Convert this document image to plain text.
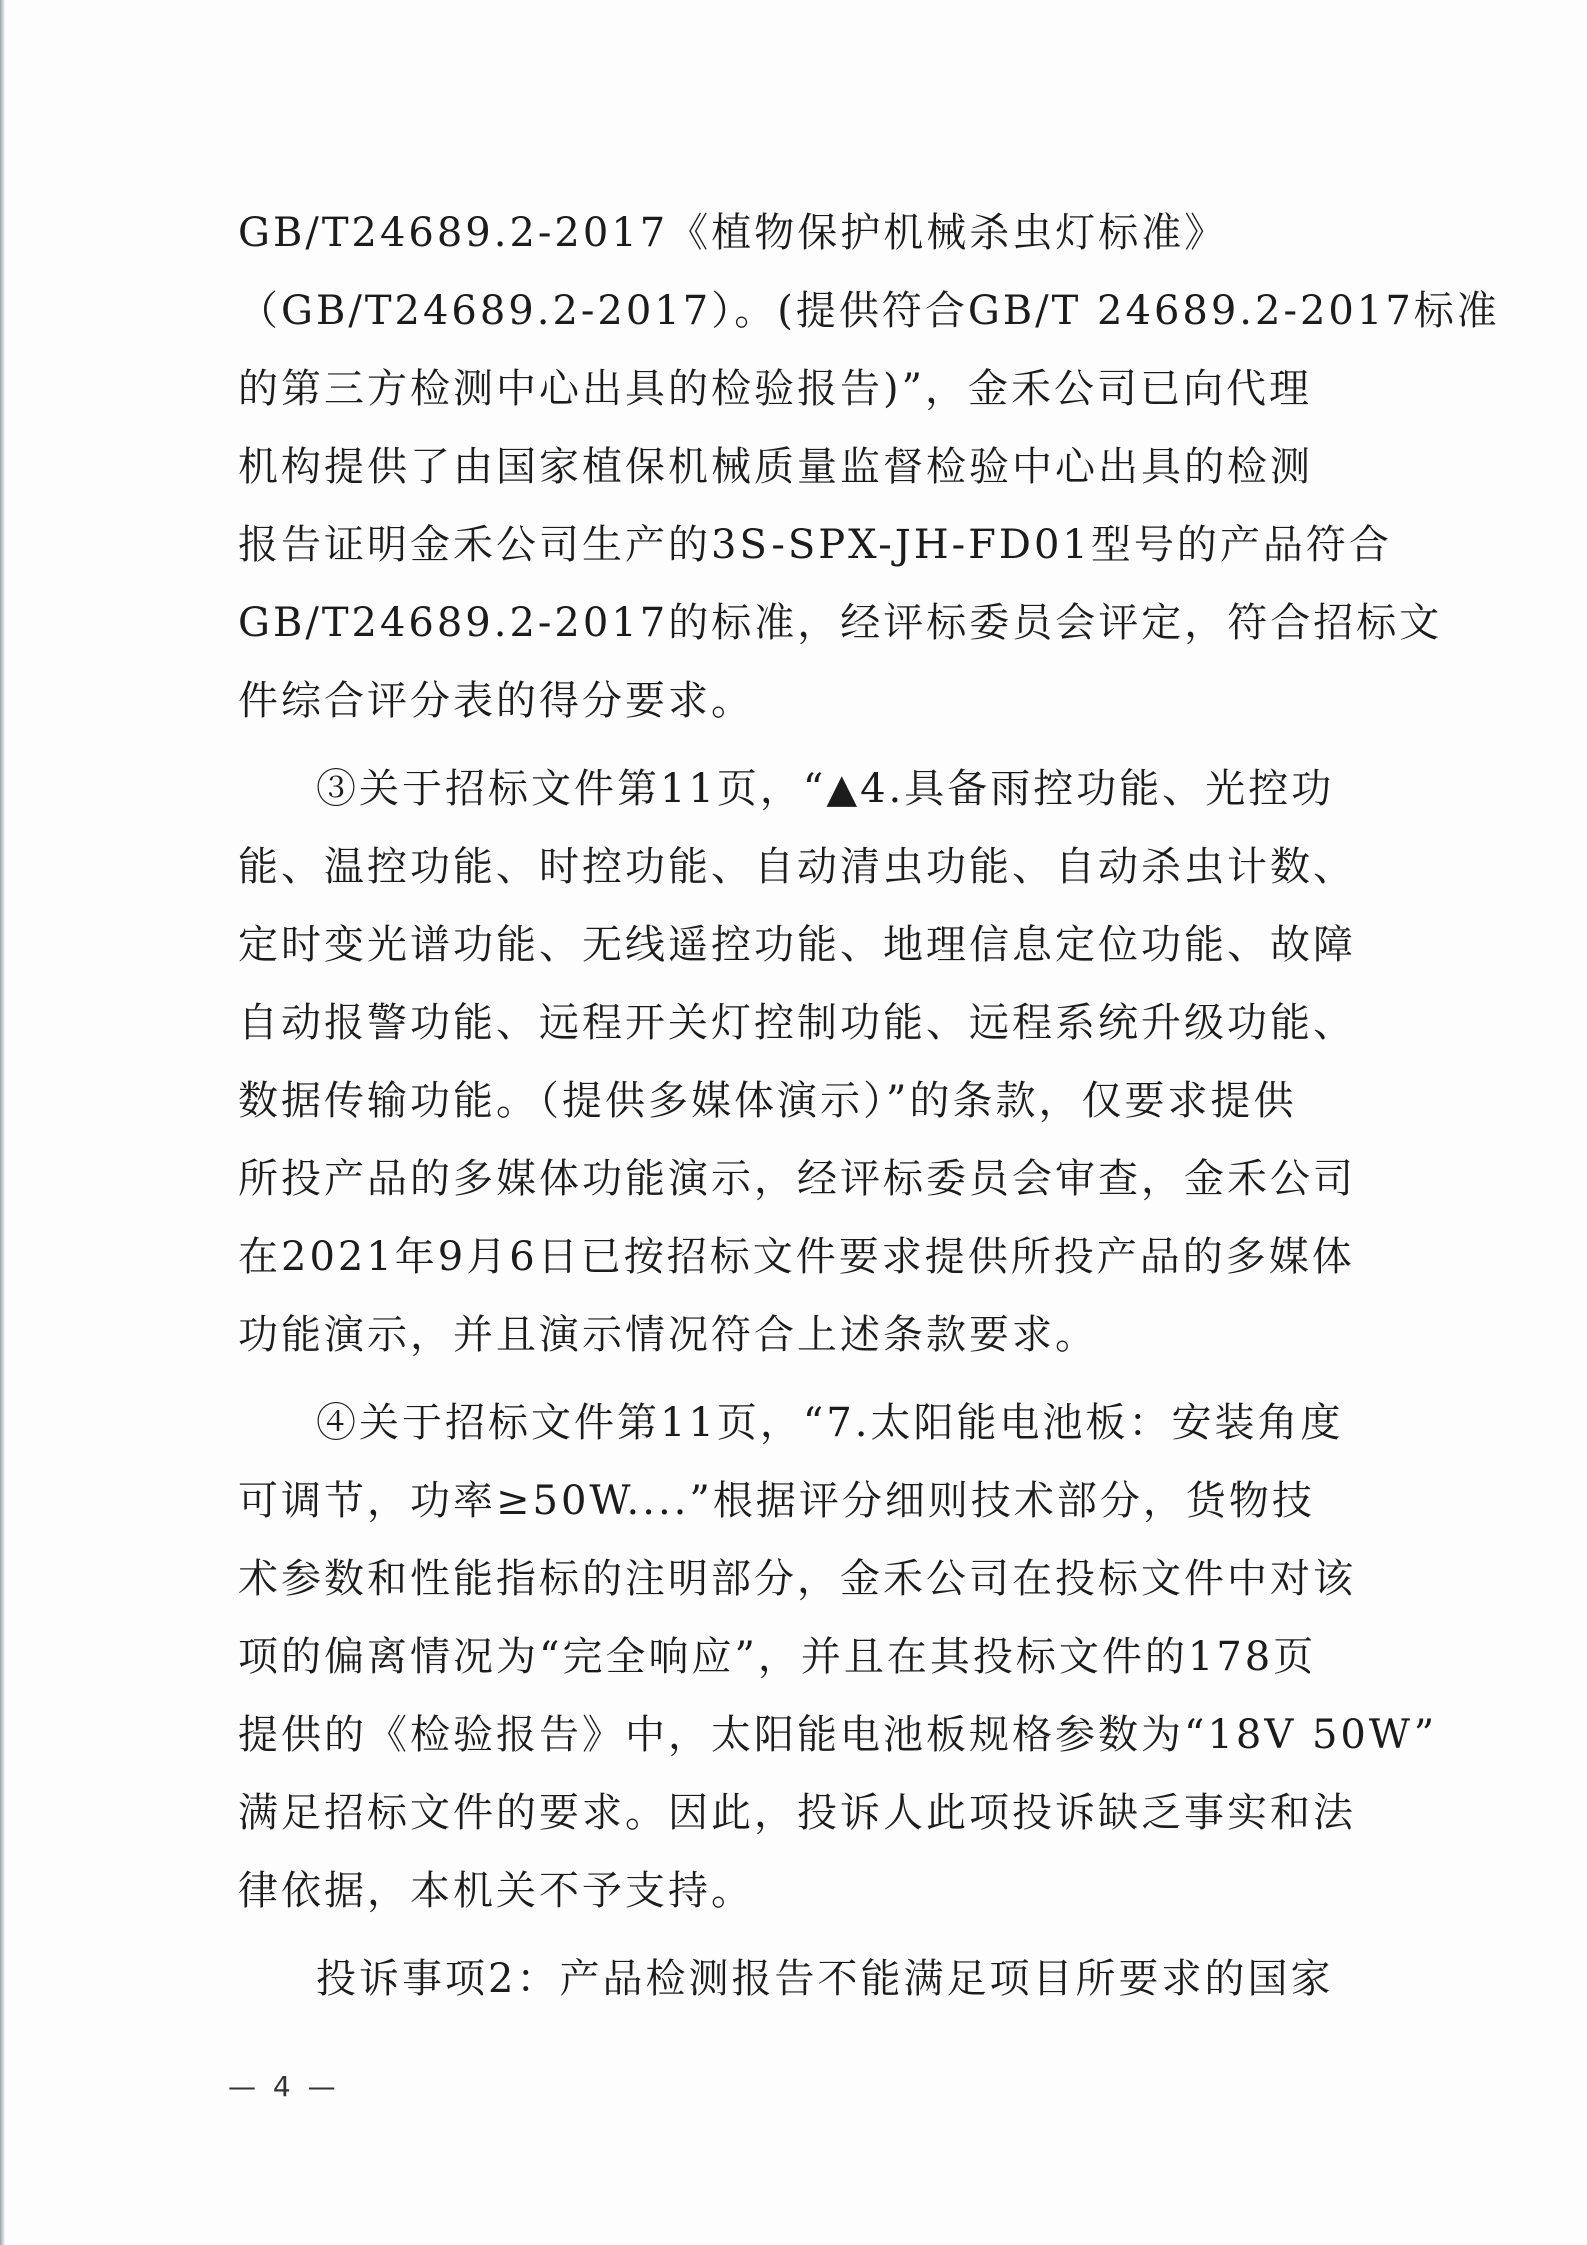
GB/T24689.2-2017《植物保护机械杀虫灯标准》
（GB/T24689.2-2017）。(提供符合GB/T 24689.2-2017标准
的第三方检测中心出具的检验报告)”，金禾公司已向代理
机构提供了由国家植保机械质量监督检验中心出具的检测
报告证明金禾公司生产的3S-SPX-JH-FD01型号的产品符合
GB/T24689.2-2017的标准，经评标委员会评定，符合招标文
件综合评分表的得分要求。
③关于招标文件第11页，“▲4.具备雨控功能、光控功
能、温控功能、时控功能、自动清虫功能、自动杀虫计数、
定时变光谱功能、无线遥控功能、地理信息定位功能、故障
自动报警功能、远程开关灯控制功能、远程系统升级功能、
数据传输功能。（提供多媒体演示）”的条款，仅要求提供
所投产品的多媒体功能演示，经评标委员会审查，金禾公司
在2021年9月6日已按招标文件要求提供所投产品的多媒体
功能演示，并且演示情况符合上述条款要求。
④关于招标文件第11页，“7.太阳能电池板：安装角度
可调节，功率≥50W....”根据评分细则技术部分，货物技
术参数和性能指标的注明部分，金禾公司在投标文件中对该
项的偏离情况为“完全响应”，并且在其投标文件的178页
提供的《检验报告》中，太阳能电池板规格参数为“18V 50W”
满足招标文件的要求。因此，投诉人此项投诉缺乏事实和法
律依据，本机关不予支持。
投诉事项2：产品检测报告不能满足项目所要求的国家
— 4 —
